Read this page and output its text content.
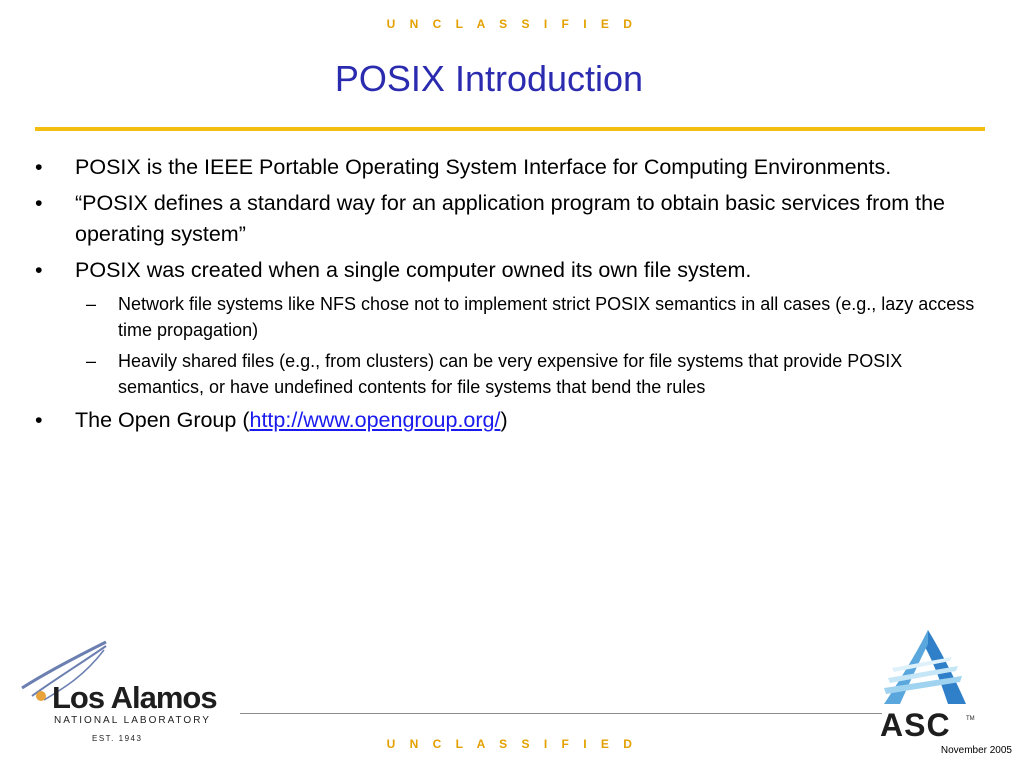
U N C L A S S I F I E D
POSIX Introduction
• POSIX is the IEEE Portable Operating System Interface for Computing Environments.
• “POSIX defines a standard way for an application program to obtain basic services from the operating system”
• POSIX was created when a single computer owned its own file system.
– Network file systems like NFS chose not to implement strict POSIX semantics in all cases (e.g., lazy access time propagation)
– Heavily shared files (e.g., from clusters) can be very expensive for file systems that provide POSIX semantics, or have undefined contents for file systems that bend the rules
• The Open Group (http://www.opengroup.org/)
Los Alamos
NATIONAL LABORATORY
EST. 1943	ASC	TM
U N C L A S S I F I E D	November 2005
